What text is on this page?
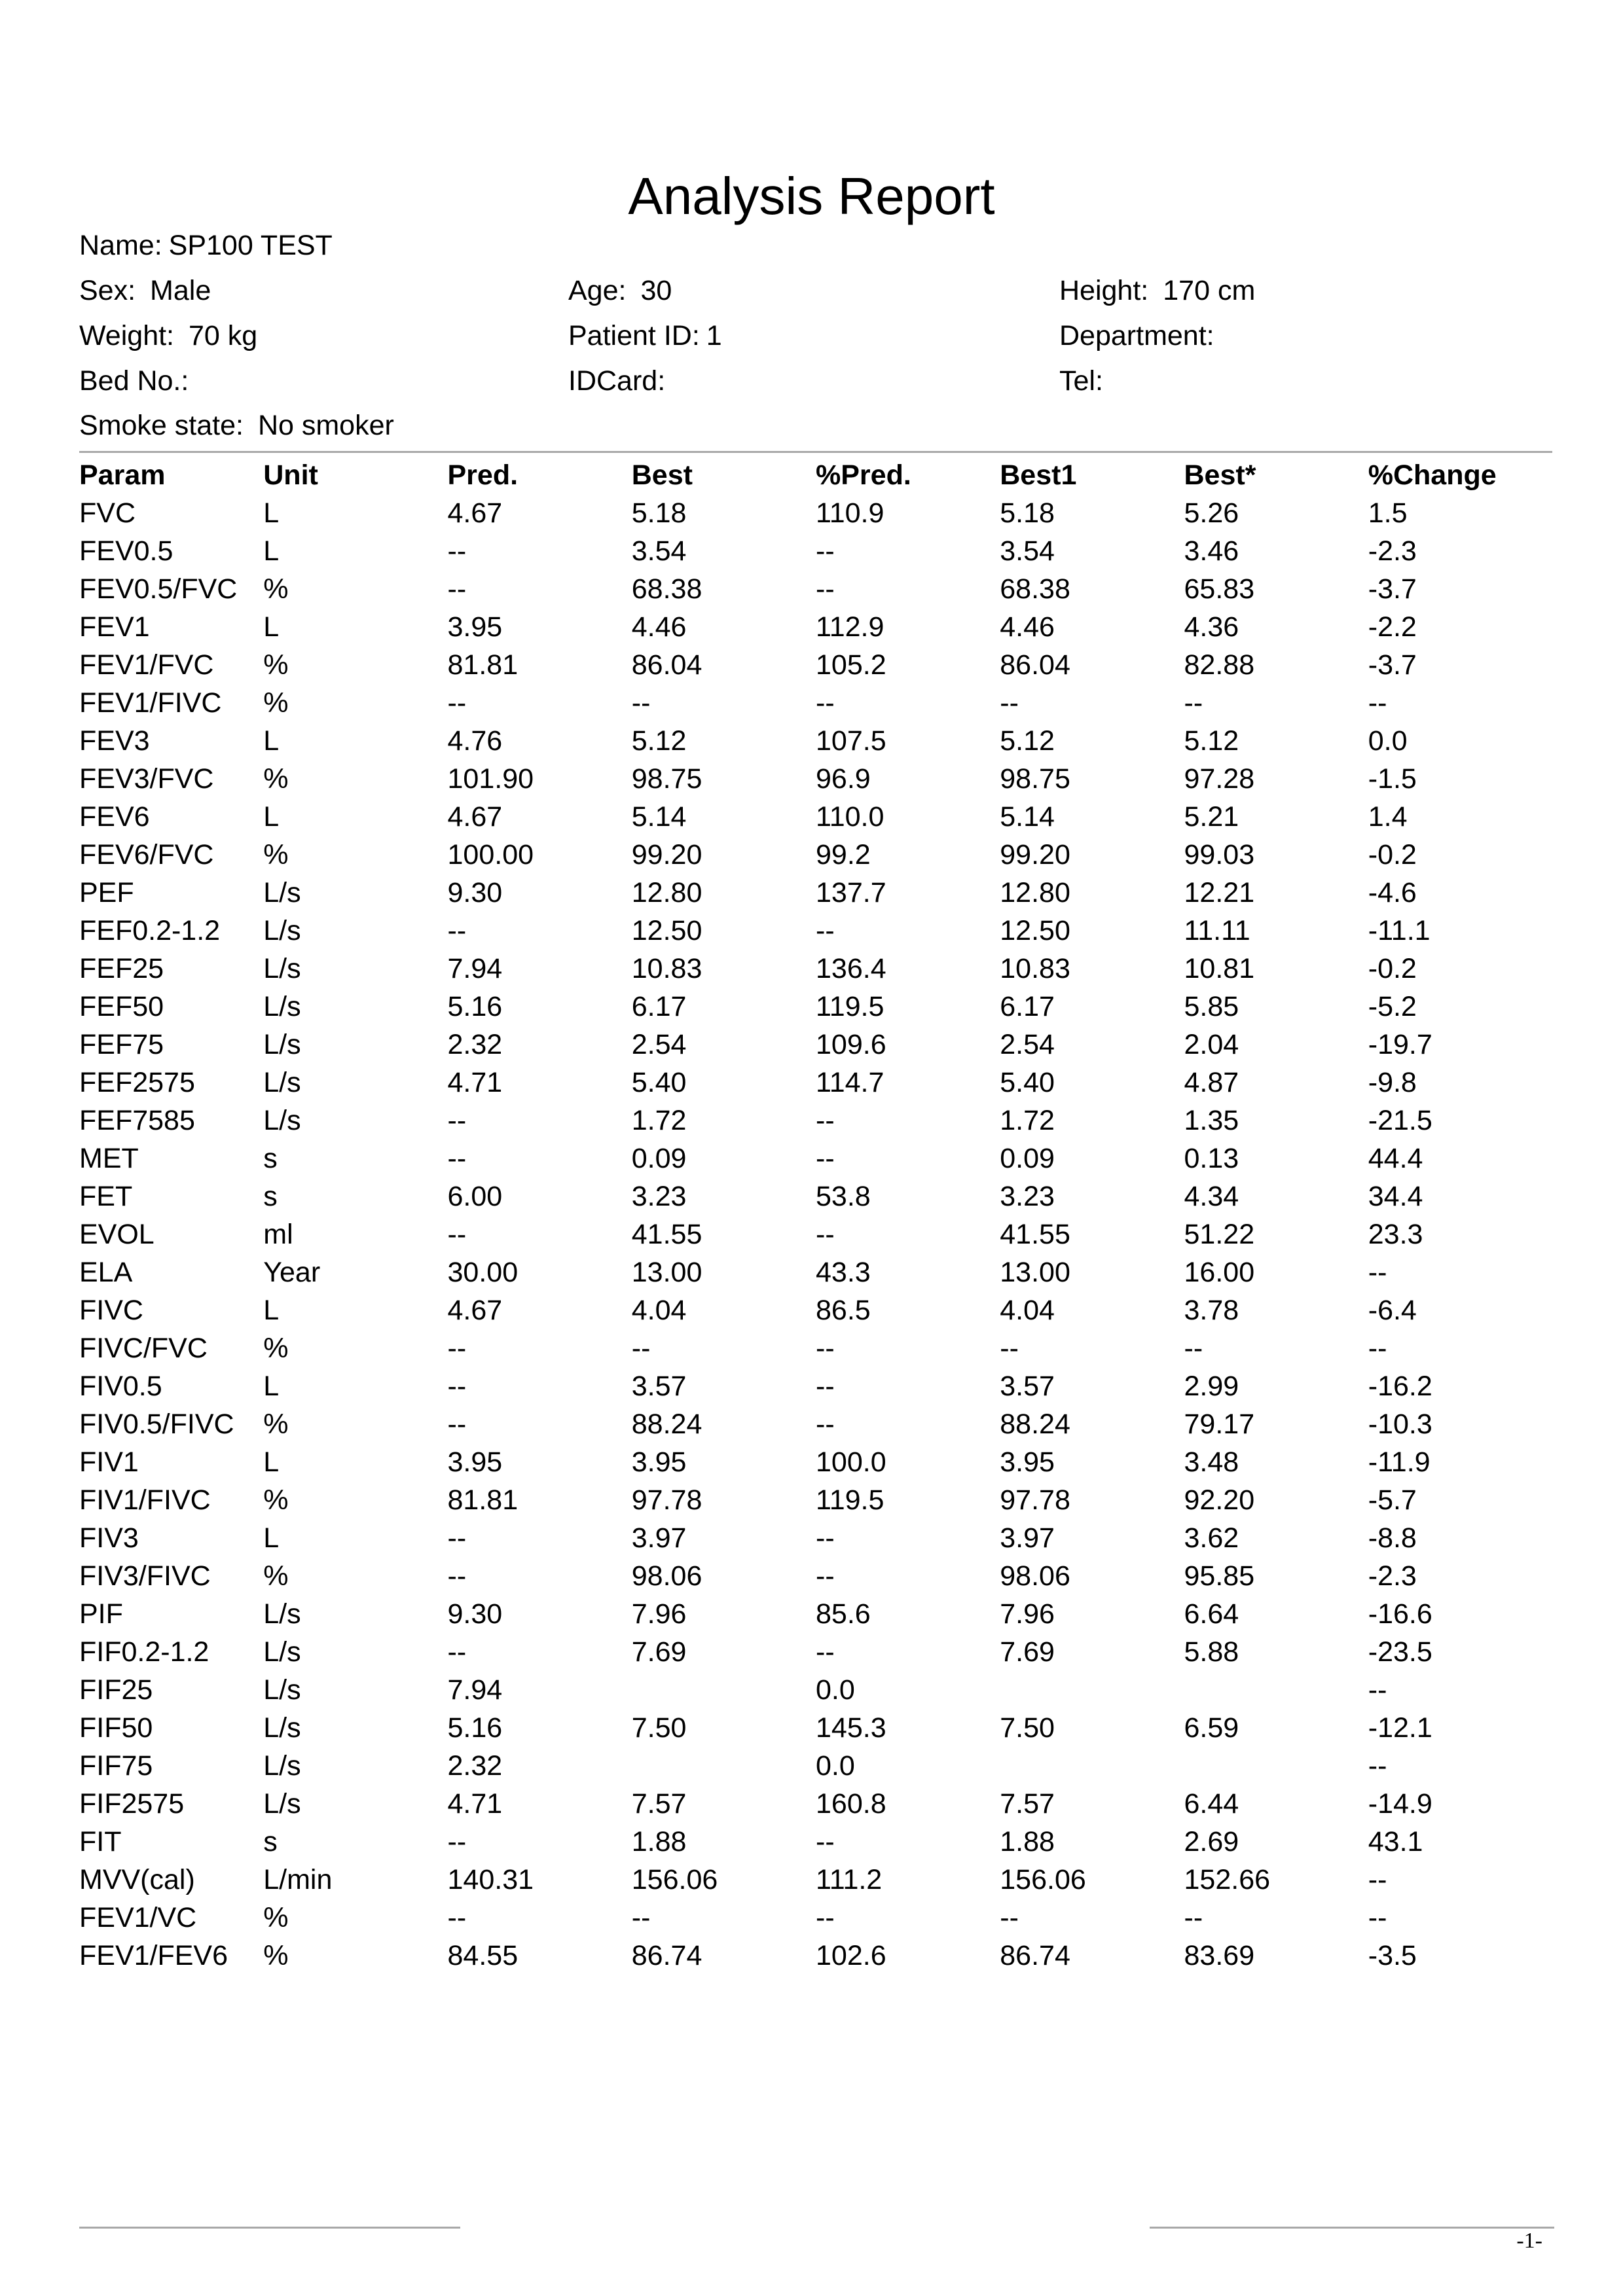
Analysis Report
Name: SP100 TEST
Sex: Male	Age: 30	Height: 170 cm
Weight: 70 kg	Patient ID: 1	Department:
Bed No.:	IDCard:	Tel:
Smoke state: No smoker
Param	Unit	Pred.	Best	%Pred.	Best1	Best*	%Change
FVC	L	4.67	5.18	110.9	5.18	5.26	1.5
FEV0.5	L	--	3.54	--	3.54	3.46	-2.3
FEV0.5/FVC	%	--	68.38	--	68.38	65.83	-3.7
FEV1	L	3.95	4.46	112.9	4.46	4.36	-2.2
FEV1/FVC	%	81.81	86.04	105.2	86.04	82.88	-3.7
FEV1/FIVC	%	--	--	--	--	--	--
FEV3	L	4.76	5.12	107.5	5.12	5.12	0.0
FEV3/FVC	%	101.90	98.75	96.9	98.75	97.28	-1.5
FEV6	L	4.67	5.14	110.0	5.14	5.21	1.4
FEV6/FVC	%	100.00	99.20	99.2	99.20	99.03	-0.2
PEF	L/s	9.30	12.80	137.7	12.80	12.21	-4.6
FEF0.2-1.2	L/s	--	12.50	--	12.50	11.11	-11.1
FEF25	L/s	7.94	10.83	136.4	10.83	10.81	-0.2
FEF50	L/s	5.16	6.17	119.5	6.17	5.85	-5.2
FEF75	L/s	2.32	2.54	109.6	2.54	2.04	-19.7
FEF2575	L/s	4.71	5.40	114.7	5.40	4.87	-9.8
FEF7585	L/s	--	1.72	--	1.72	1.35	-21.5
MET	s	--	0.09	--	0.09	0.13	44.4
FET	s	6.00	3.23	53.8	3.23	4.34	34.4
EVOL	ml	--	41.55	--	41.55	51.22	23.3
ELA	Year	30.00	13.00	43.3	13.00	16.00	--
FIVC	L	4.67	4.04	86.5	4.04	3.78	-6.4
FIVC/FVC	%	--	--	--	--	--	--
FIV0.5	L	--	3.57	--	3.57	2.99	-16.2
FIV0.5/FIVC	%	--	88.24	--	88.24	79.17	-10.3
FIV1	L	3.95	3.95	100.0	3.95	3.48	-11.9
FIV1/FIVC	%	81.81	97.78	119.5	97.78	92.20	-5.7
FIV3	L	--	3.97	--	3.97	3.62	-8.8
FIV3/FIVC	%	--	98.06	--	98.06	95.85	-2.3
PIF	L/s	9.30	7.96	85.6	7.96	6.64	-16.6
FIF0.2-1.2	L/s	--	7.69	--	7.69	5.88	-23.5
FIF25	L/s	7.94		0.0			--
FIF50	L/s	5.16	7.50	145.3	7.50	6.59	-12.1
FIF75	L/s	2.32		0.0			--
FIF2575	L/s	4.71	7.57	160.8	7.57	6.44	-14.9
FIT	s	--	1.88	--	1.88	2.69	43.1
MVV(cal)	L/min	140.31	156.06	111.2	156.06	152.66	--
FEV1/VC	%	--	--	--	--	--	--
FEV1/FEV6	%	84.55	86.74	102.6	86.74	83.69	-3.5
-1-
